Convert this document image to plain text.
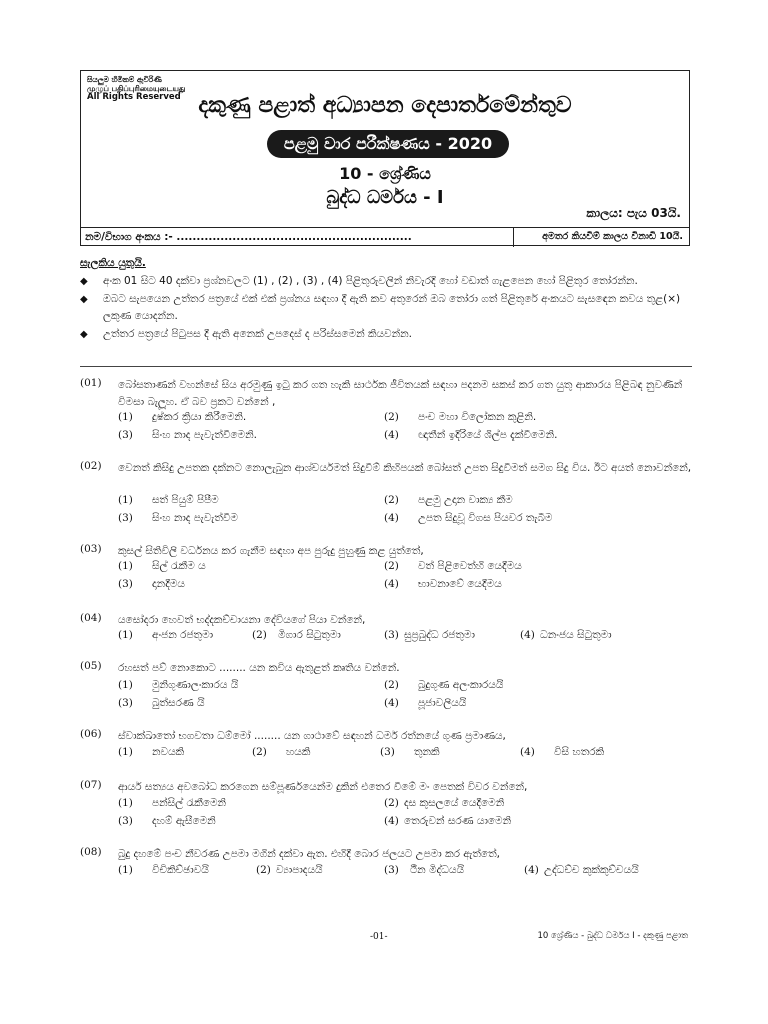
සියලුම හිමිකම් ඇවිරිණි
முழுப் பதிப்புரிமையுடையது
All Rights Reserved දකුණු පළාත් අධ්‍යාපන දෙපාර්තමේන්තුව
පළමු වාර පරීක්ෂණය - 2020
10 - ශ්‍රේණිය
බුද්ධ ධර්මය - I
කාලය: පැය 03යි.
නම/විභාග අංකය :- ...........................................................	අමතර කියවීම් කාලය විනාඩි 10යි.
සැලකිය යුතුයි.
◆ අංක 01 සිට 40 දක්වා ප්‍රශ්නවලට (1) , (2) , (3) , (4) පිළිතුරුවලින් නිවැරදි හෝ වඩාත් ගැළපෙන හෝ පිළිතුර තෝරන්න.
◆ ඔබට සැපයෙන උත්තර පත්‍රයේ එක් එක් ප්‍රශ්නය සඳහා දී ඇති කව අතුරෙන් ඔබ තෝරා ගත් පිළිතුරේ අංකයට සැසඳෙන කවය තුළ(×) ලකුණ යොදන්න.
◆ උත්තර පත්‍රයේ පිටුපස දී ඇති අනෙක් උපදෙස් ද පරිස්සමෙන් කියවන්න.
(01) බෝසතාණන් වහන්සේ සිය අරමුණු ඉටු කර ගත හැකි සාර්ථක ජීවිතයක් සඳහා පදනම සකස් කර ගත යුතු ආකාරය පිළිබඳ නුවණින් විමසා බැලූහ. ඒ බව ප්‍රකට වන්නේ ,
(1) දුෂ්කර ක්‍රියා කිරීමෙනි.	(2) පංච මහා විලෝකන කුළිනි.
(3) සිංහ නාද පැවැත්වීමෙනි.	(4) ඥාතීන් ඉදිරියේ ශිල්ප දැක්වීමෙනි.
(02) වෙනත් කිසිදු උපතක දක්නට නොලැබුන ආශ්චර්යමත් සිදුවීම් කිහිපයක් බෝසත් උපත සිදුවීමත් සමග සිදු විය. ඊට අයත් නොවන්නේ,
(1) සත් පියුම් පිපීම	(2) පළමු උදාන වාක්‍ය කීම
(3) සිංහ නාද පැවැත්වීම	(4) උපත සිදුවූ විගස පියවර තැබීම
(03) කුසල් සිතිවිලි වර්ධනය කර ගැනීම සඳහා අප පුරුදු පුහුණු කළ යුත්තේ,
(1) සිල් රැකීම ය	(2) වත් පිළිවෙත්හි යෙදීමය
(3) දානදීමය	(4) භාවනාවේ යෙදීමය
(04) යසෝදරා හෙවත් භද්දකච්චායනා දේවියගේ පියා වන්නේ,
(1) අංජන රජතුමා	(2) මිගාර සිටුතුමා	(3) සුප්‍රබුද්ධ රජතුමා	(4) ධනංජය සිටුතුමා
(05) රහසත් පව් නොකොට ........ යන කවිය ඇතුළත් කෘතිය වන්නේ.
(1) මුනිගුණාලංකාරය යි	(2) බුදුගුණ අලංකාරයයි
(3) බුත්සරණ යි	(4) පූජාවලියයි
(06) ස්වාක්ඛාතෝ භගවතා ධම්මෝ ........ යන ගාථාවේ සඳහන් ධර්ම රත්නයේ ගුණ ප්‍රමාණය,
(1) නවයකි	(2) හයකි	(3) තුනකි	(4) විසි හතරකි
(07) ආර්ය සත්‍යය අවබෝධ කරගෙන සම්පූර්ණයෙන්ම දුකින් එතෙර වීමේ මං පෙතක් විවර වන්නේ,
(1) පන්සිල් රැකීමෙනි	(2) දස කුසලයේ යෙදීමෙනි
(3) දහම් ඇසීමෙනි	(4) තෙරුවන් සරණ යාමෙනි
(08) බුදු දහමේ පංච නීවරණ උපමා මගින් දක්වා ඇත. එහිදී බොර ජලයට උපමා කර ඇත්තේ,
(1) විචිකිච්ඡාවයි	(2) ව්‍යාපාදයයි	(3) ථීන මිද්ධයයි	(4) උද්ධච්ච කුක්කුච්චයයි
-01-	10 ශ්‍රේණිය - බුද්ධ ධර්මය I - දකුණු පළාත
